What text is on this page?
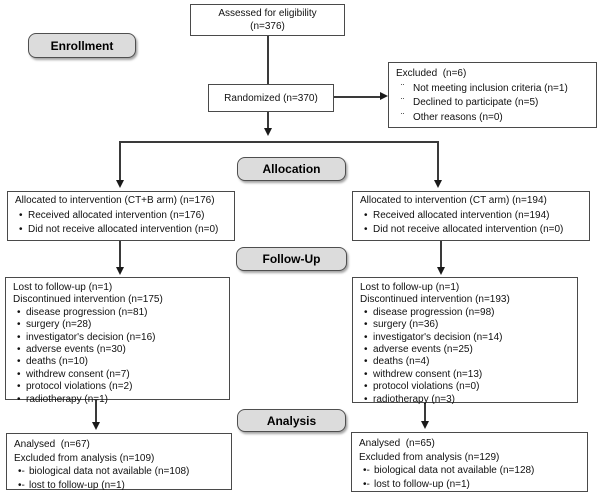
Enrollment
Allocation
Follow-Up
Analysis
Assessed for eligibility
(n=376)
Randomized (n=370)
Excluded  (n=6)
¨ Not meeting inclusion criteria (n=1)
¨ Declined to participate (n=5)
¨ Other reasons (n=0)
Allocated to intervention (CT+B arm) (n=176)
• Received allocated intervention (n=176)
• Did not receive allocated intervention (n=0)
Allocated to intervention (CT arm) (n=194)
• Received allocated intervention (n=194)
• Did not receive allocated intervention (n=0)
Lost to follow-up (n=1)
Discontinued intervention (n=175)
• disease progression (n=81)
• surgery (n=28)
• investigator's decision (n=16)
• adverse events (n=30)
• deaths (n=10)
• withdrew consent (n=7)
• protocol violations (n=2)
• radiotherapy (n=1)
Lost to follow-up (n=1)
Discontinued intervention (n=193)
• disease progression (n=98)
• surgery (n=36)
• investigator's decision (n=14)
• adverse events (n=25)
• deaths (n=4)
• withdrew consent (n=13)
• protocol violations (n=0)
• radiotherapy (n=3)
Analysed  (n=67)
Excluded from analysis (n=109)
•- biological data not available (n=108)
•- lost to follow-up (n=1)
Analysed  (n=65)
Excluded from analysis (n=129)
•- biological data not available (n=128)
•- lost to follow-up (n=1)
